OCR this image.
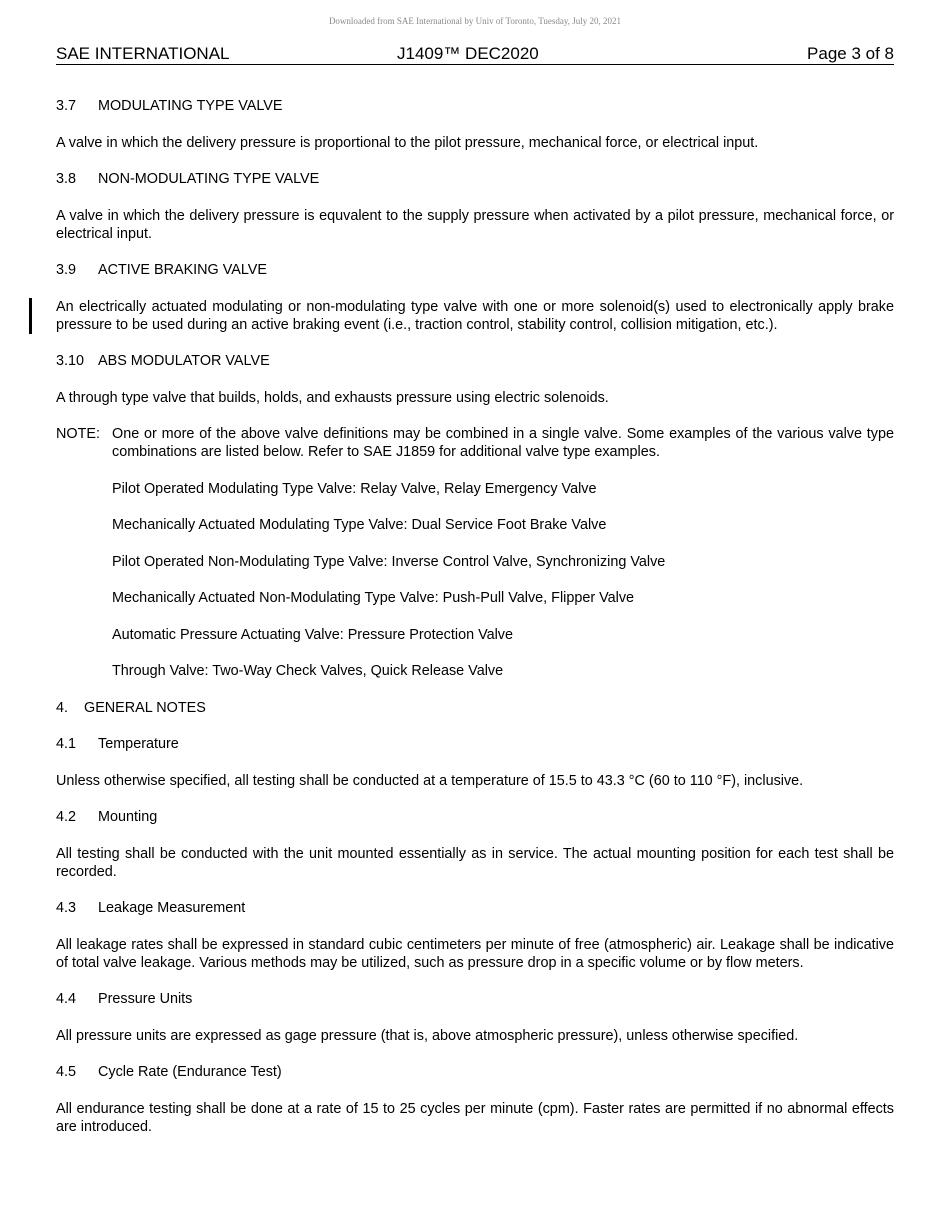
Downloaded from SAE International by Univ of Toronto, Tuesday, July 20, 2021
SAE INTERNATIONAL	J1409™ DEC2020	Page 3 of 8
3.7	MODULATING TYPE VALVE

A valve in which the delivery pressure is proportional to the pilot pressure, mechanical force, or electrical input.

3.8	NON-MODULATING TYPE VALVE

A valve in which the delivery pressure is equvalent to the supply pressure when activated by a pilot pressure, mechanical force, or electrical input.

3.9	ACTIVE BRAKING VALVE

An electrically actuated modulating or non-modulating type valve with one or more solenoid(s) used to electronically apply brake pressure to be used during an active braking event (i.e., traction control, stability control, collision mitigation, etc.).

3.10 ABS MODULATOR VALVE

A through type valve that builds, holds, and exhausts pressure using electric solenoids.

NOTE: One or more of the above valve definitions may be combined in a single valve. Some examples of the various valve type combinations are listed below. Refer to SAE J1859 for additional valve type examples.

Pilot Operated Modulating Type Valve: Relay Valve, Relay Emergency Valve

Mechanically Actuated Modulating Type Valve: Dual Service Foot Brake Valve

Pilot Operated Non-Modulating Type Valve: Inverse Control Valve, Synchronizing Valve

Mechanically Actuated Non-Modulating Type Valve: Push-Pull Valve, Flipper Valve

Automatic Pressure Actuating Valve: Pressure Protection Valve

Through Valve: Two-Way Check Valves, Quick Release Valve

4.	GENERAL NOTES
4.1	Temperature

Unless otherwise specified, all testing shall be conducted at a temperature of 15.5 to 43.3 °C (60 to 110 °F), inclusive.

4.2	Mounting

All testing shall be conducted with the unit mounted essentially as in service. The actual mounting position for each test shall be recorded.

4.3	Leakage Measurement

All leakage rates shall be expressed in standard cubic centimeters per minute of free (atmospheric) air. Leakage shall be indicative of total valve leakage. Various methods may be utilized, such as pressure drop in a specific volume or by flow meters.

4.4	Pressure Units

All pressure units are expressed as gage pressure (that is, above atmospheric pressure), unless otherwise specified.

4.5	Cycle Rate (Endurance Test)

All endurance testing shall be done at a rate of 15 to 25 cycles per minute (cpm). Faster rates are permitted if no abnormal effects are introduced.
